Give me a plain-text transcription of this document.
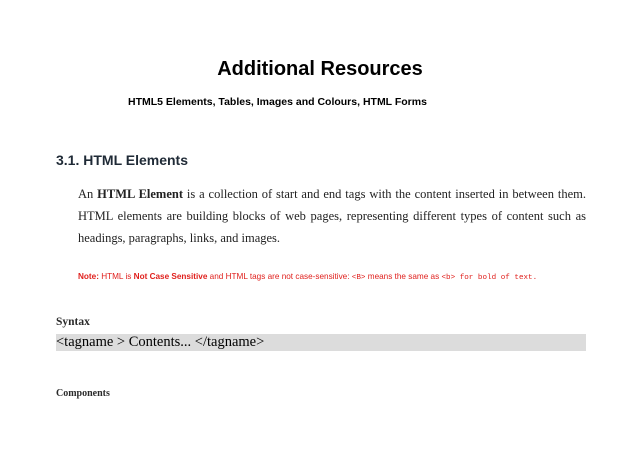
Additional Resources

HTML5 Elements, Tables, Images and Colours, HTML Forms

3.1. HTML Elements

An HTML Element is a collection of start and end tags with the content inserted in between them. HTML elements are building blocks of web pages, representing different types of content such as headings, paragraphs, links, and images.

Note: HTML is Not Case Sensitive and HTML tags are not case-sensitive: <B> means the same as <b> for bold of text.

Syntax

<tagname > Contents... </tagname>

Components
